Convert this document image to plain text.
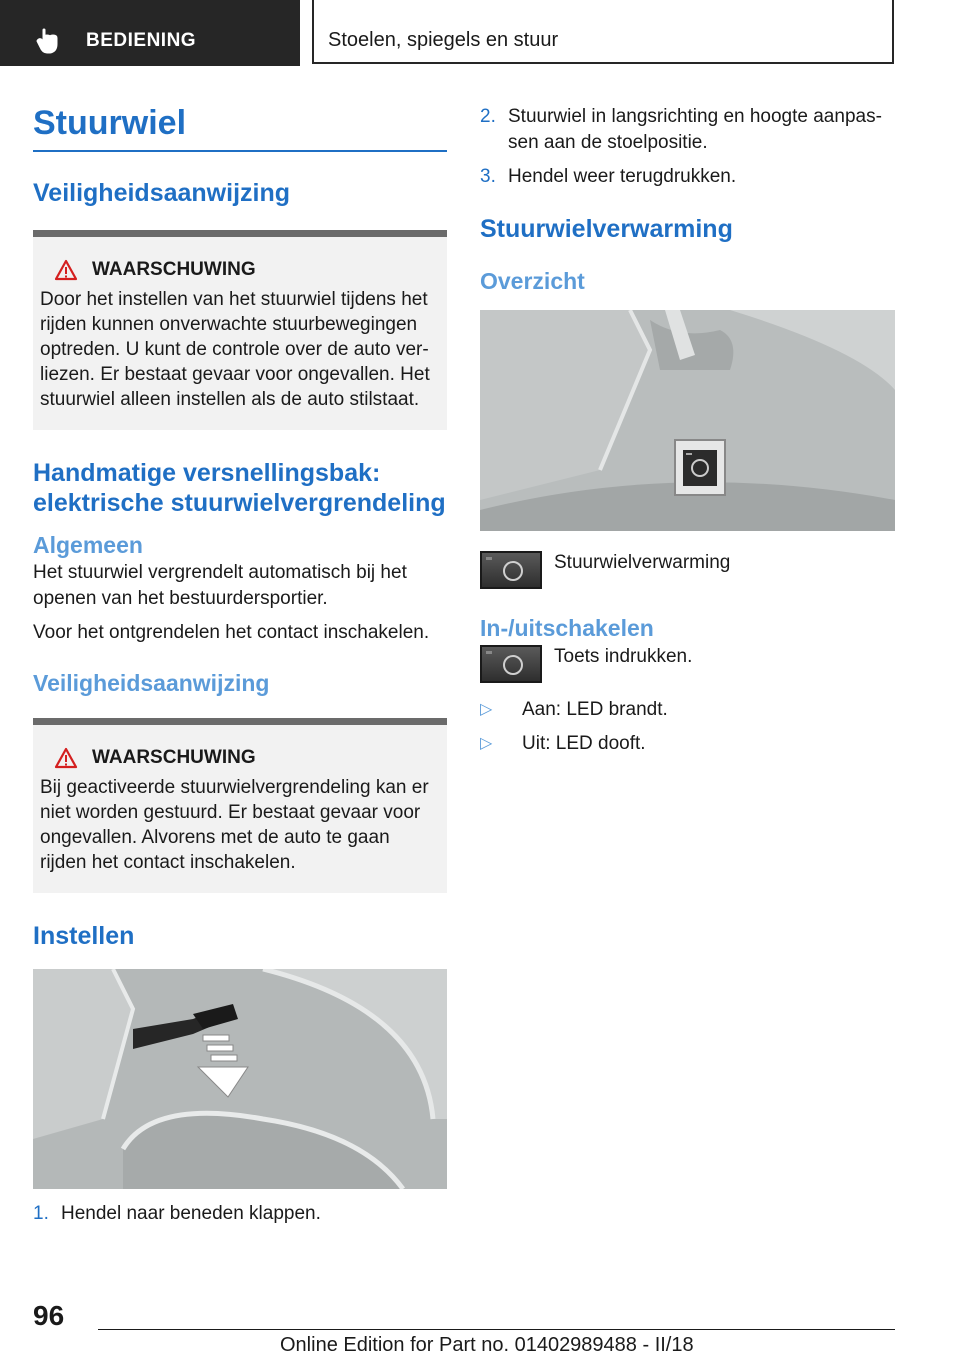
BEDIENING	Stoelen, spiegels en stuur
Stuurwiel
Veiligheidsaanwijzing
WAARSCHUWING
Door het instellen van het stuurwiel tijdens het rijden kunnen onverwachte stuurbewegingen optreden. U kunt de controle over de auto verliezen. Er bestaat gevaar voor ongevallen. Het stuurwiel alleen instellen als de auto stilstaat.
Handmatige versnellingsbak: elektrische stuurwielvergrendeling
Algemeen

Het stuurwiel vergrendelt automatisch bij het openen van het bestuurdersportier.

Voor het ontgrendelen het contact inschakelen.

Veiligheidsaanwijzing
WAARSCHUWING
Bij geactiveerde stuurwielvergrendeling kan er niet worden gestuurd. Er bestaat gevaar voor ongevallen. Alvorens met de auto te gaan rijden het contact inschakelen.
Instellen
1. Hendel naar beneden klappen.
2. Stuurwiel in langsrichting en hoogte aanpassen aan de stoelpositie.
3. Hendel weer terugdrukken.
Stuurwielverwarming
Overzicht
Stuurwielverwarming
In-/uitschakelen
Toets indrukken.
▷	Aan: LED brandt.
▷	Uit: LED dooft.
96
Online Edition for Part no. 01402989488 - II/18
